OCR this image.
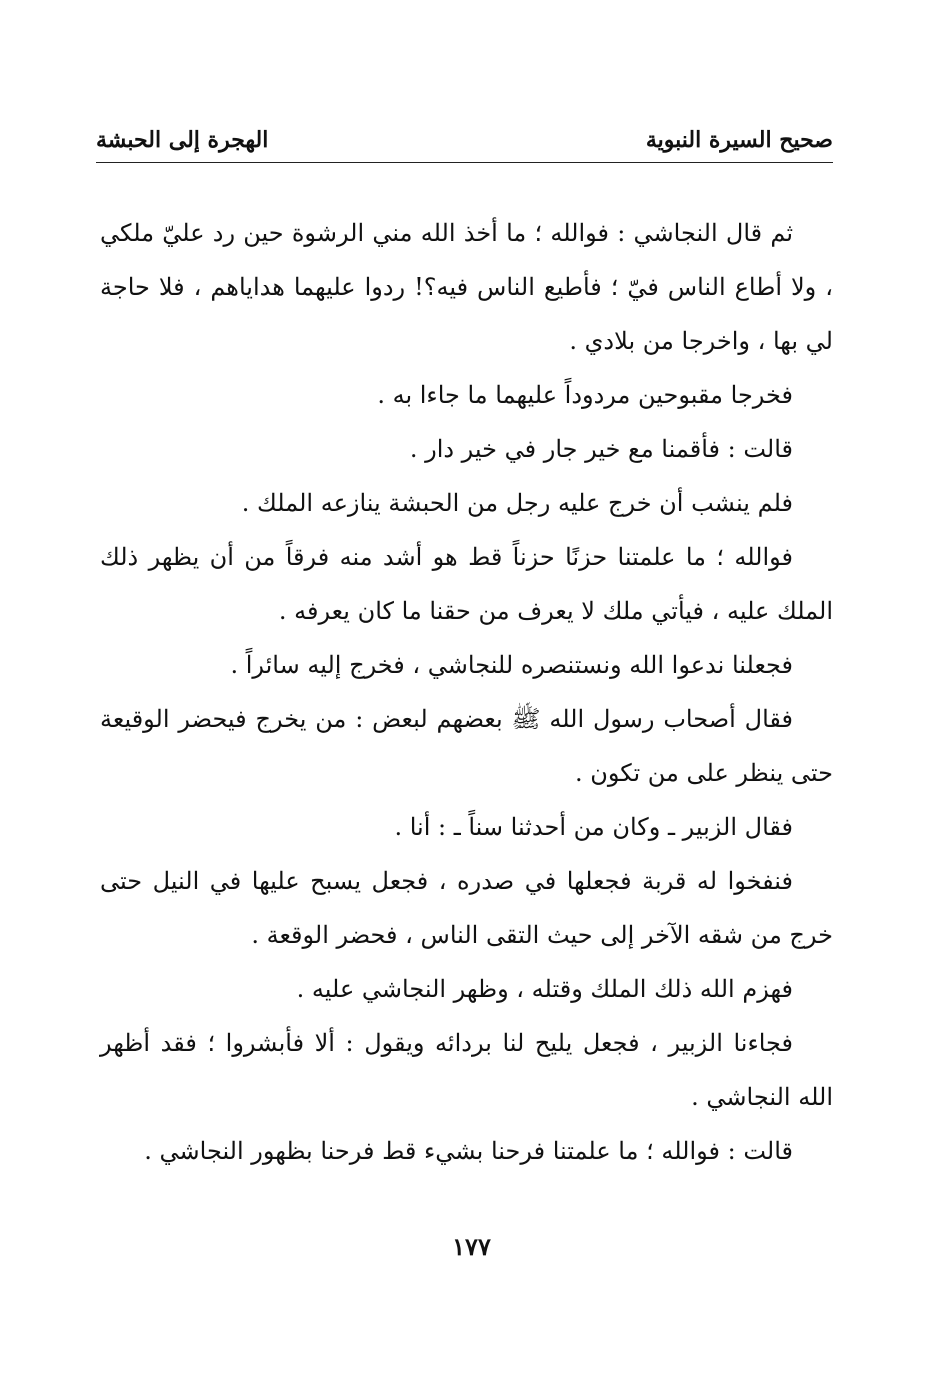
صحيح السيرة النبوية
الهجرة إلى الحبشة

ثم قال النجاشي : فوالله ؛ ما أخذ الله مني الرشوة حين رد عليّ ملكي ، ولا أطاع الناس فيّ ؛ فأطيع الناس فيه؟! ردوا عليهما هداياهم ، فلا حاجة لي بها ، واخرجا من بلادي .

فخرجا مقبوحين مردوداً عليهما ما جاءا به .

قالت : فأقمنا مع خير جار في خير دار .

فلم ينشب أن خرج عليه رجل من الحبشة ينازعه الملك .

فوالله ؛ ما علمتنا حزنًا حزناً قط هو أشد منه فرقاً من أن يظهر ذلك الملك عليه ، فيأتي ملك لا يعرف من حقنا ما كان يعرفه .

فجعلنا ندعوا الله ونستنصره للنجاشي ، فخرج إليه سائراً .

فقال أصحاب رسول الله ﷺ بعضهم لبعض : من يخرج فيحضر الوقيعة حتى ينظر على من تكون .

فقال الزبير ـ وكان من أحدثنا سناً ـ : أنا .

فنفخوا له قربة فجعلها في صدره ، فجعل يسبح عليها في النيل حتى خرج من شقه الآخر إلى حيث التقى الناس ، فحضر الوقعة .

فهزم الله ذلك الملك وقتله ، وظهر النجاشي عليه .

فجاءنا الزبير ، فجعل يليح لنا بردائه ويقول : ألا فأبشروا ؛ فقد أظهر الله النجاشي .

قالت : فوالله ؛ ما علمتنا فرحنا بشيء قط فرحنا بظهور النجاشي .

١٧٧
